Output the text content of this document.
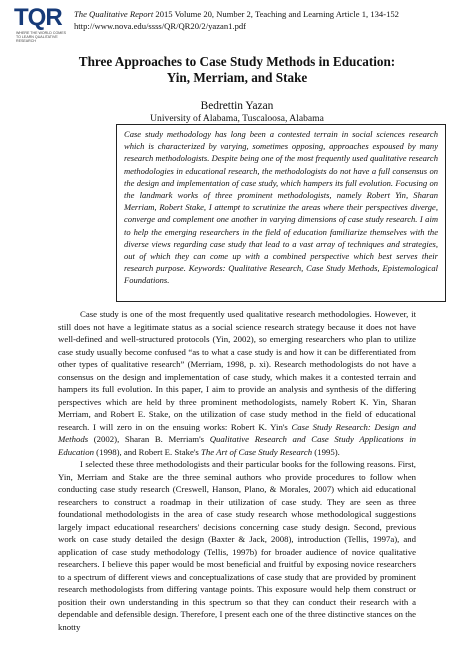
TQR
WHERE THE WORLD COMES TO LEARN QUALITATIVE RESEARCH
The Qualitative Report 2015 Volume 20, Number 2, Teaching and Learning Article 1, 134-152
http://www.nova.edu/ssss/QR/QR20/2/yazan1.pdf
Three Approaches to Case Study Methods in Education:
Yin, Merriam, and Stake
Bedrettin Yazan
University of Alabama, Tuscaloosa, Alabama

Case study methodology has long been a contested terrain in social sciences research which is characterized by varying, sometimes opposing, approaches espoused by many research methodologists. Despite being one of the most frequently used qualitative research methodologies in educational research, the methodologists do not have a full consensus on the design and implementation of case study, which hampers its full evolution. Focusing on the landmark works of three prominent methodologists, namely Robert Yin, Sharan Merriam, Robert Stake, I attempt to scrutinize the areas where their perspectives diverge, converge and complement one another in varying dimensions of case study research. I aim to help the emerging researchers in the field of education familiarize themselves with the diverse views regarding case study that lead to a vast array of techniques and strategies, out of which they can come up with a combined perspective which best serves their research purpose. Keywords: Qualitative Research, Case Study Methods, Epistemological Foundations.

Case study is one of the most frequently used qualitative research methodologies. However, it still does not have a legitimate status as a social science research strategy because it does not have well-defined and well-structured protocols (Yin, 2002), so emerging researchers who plan to utilize case study usually become confused “as to what a case study is and how it can be differentiated from other types of qualitative research” (Merriam, 1998, p. xi). Research methodologists do not have a consensus on the design and implementation of case study, which makes it a contested terrain and hampers its full evolution. In this paper, I aim to provide an analysis and synthesis of the differing perspectives which are held by three prominent methodologists, namely Robert K. Yin, Sharan Merriam, and Robert E. Stake, on the utilization of case study method in the field of educational research. I will zero in on the ensuing works: Robert K. Yin's Case Study Research: Design and Methods (2002), Sharan B. Merriam's Qualitative Research and Case Study Applications in Education (1998), and Robert E. Stake's The Art of Case Study Research (1995).

I selected these three methodologists and their particular books for the following reasons. First, Yin, Merriam and Stake are the three seminal authors who provide procedures to follow when conducting case study research (Creswell, Hanson, Plano, & Morales, 2007) which aid educational researchers to construct a roadmap in their utilization of case study. They are seen as three foundational methodologists in the area of case study research whose methodological suggestions largely impact educational researchers' decisions concerning case study design. Second, previous work on case study detailed the design (Baxter & Jack, 2008), introduction (Tellis, 1997a), and application of case study methodology (Tellis, 1997b) for broader audience of novice qualitative researchers. I believe this paper would be most beneficial and fruitful by exposing novice researchers to a spectrum of different views and conceptualizations of case study that are provided by prominent research methodologists from differing vantage points. This exposure would help them construct or position their own understanding in this spectrum so that they can conduct their research with a dependable and defensible design. Therefore, I present each one of the three distinctive stances on the knotty
